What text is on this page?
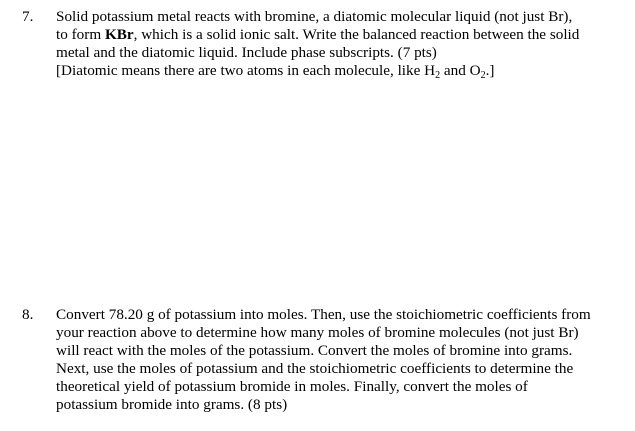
7.	Solid potassium metal reacts with bromine, a diatomic molecular liquid (not just Br),
to form KBr, which is a solid ionic salt. Write the balanced reaction between the solid
metal and the diatomic liquid. Include phase subscripts. (7 pts)
[Diatomic means there are two atoms in each molecule, like $H_2$ and $O_2$.]
8.	Convert 78.20 g of potassium into moles. Then, use the stoichiometric coefficients from
your reaction above to determine how many moles of bromine molecules (not just Br)
will react with the moles of the potassium. Convert the moles of bromine into grams.
Next, use the moles of potassium and the stoichiometric coefficients to determine the
theoretical yield of potassium bromide in moles. Finally, convert the moles of
potassium bromide into grams. (8 pts)
